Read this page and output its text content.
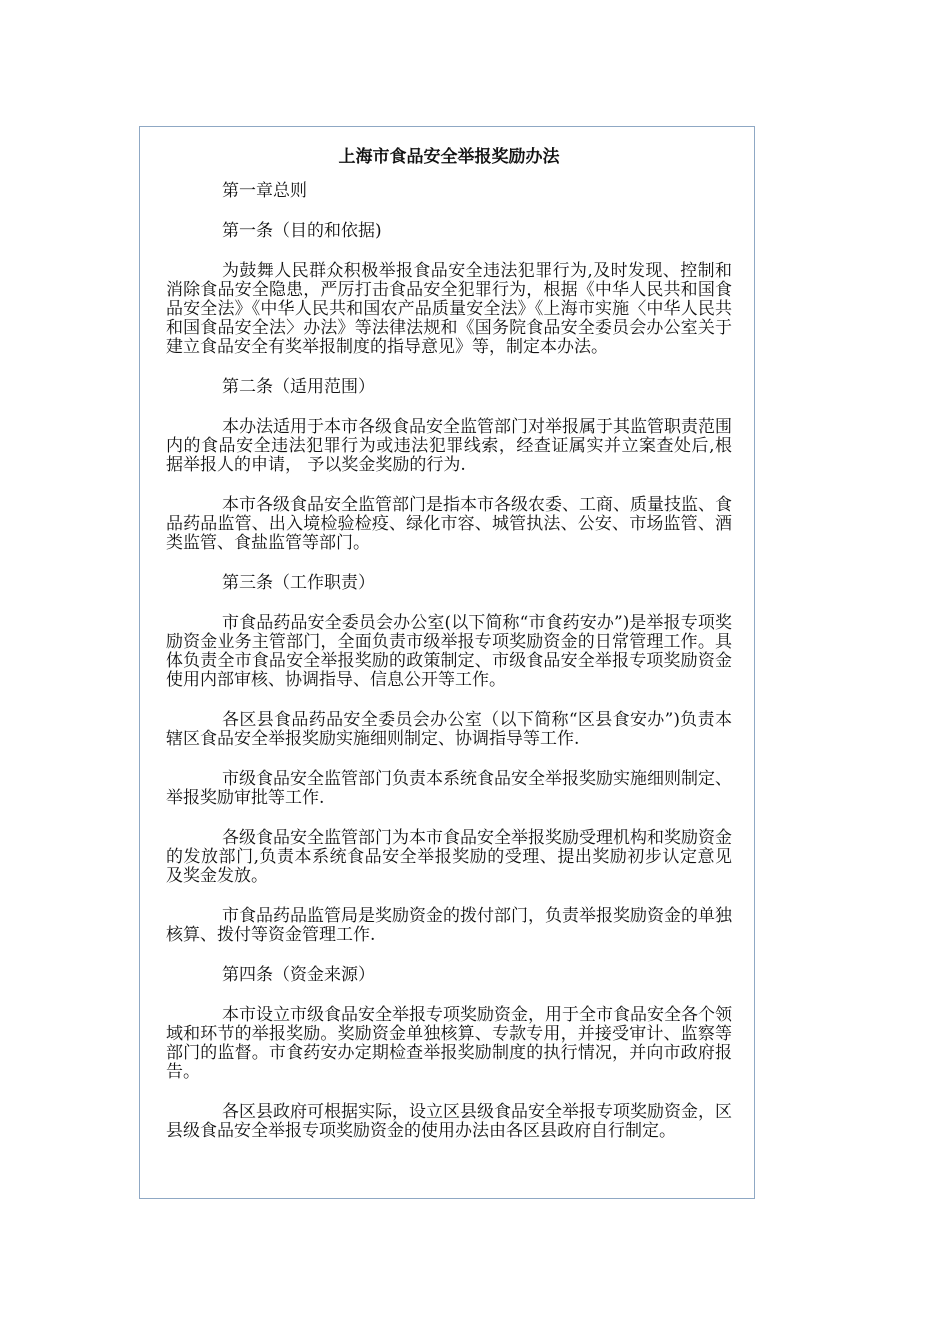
上海市食品安全举报奖励办法
第一章总则
第一条（目的和依据)
为鼓舞人民群众积极举报食品安全违法犯罪行为,及时发现、控制和消除食品安全隐患，严厉打击食品安全犯罪行为，根据《中华人民共和国食品安全法》《中华人民共和国农产品质量安全法》《上海市实施〈中华人民共和国食品安全法〉办法》等法律法规和《国务院食品安全委员会办公室关于建立食品安全有奖举报制度的指导意见》等，制定本办法。
第二条（适用范围）
本办法适用于本市各级食品安全监管部门对举报属于其监管职责范围内的食品安全违法犯罪行为或违法犯罪线索，经查证属实并立案查处后,根据举报人的申请， 予以奖金奖励的行为.
本市各级食品安全监管部门是指本市各级农委、工商、质量技监、食品药品监管、出入境检验检疫、绿化市容、城管执法、公安、市场监管、酒类监管、食盐监管等部门。
第三条（工作职责）
市食品药品安全委员会办公室(以下简称“市食药安办”)是举报专项奖励资金业务主管部门，全面负责市级举报专项奖励资金的日常管理工作。具体负责全市食品安全举报奖励的政策制定、市级食品安全举报专项奖励资金使用内部审核、协调指导、信息公开等工作。
各区县食品药品安全委员会办公室（以下简称“区县食安办”)负责本辖区食品安全举报奖励实施细则制定、协调指导等工作.
市级食品安全监管部门负责本系统食品安全举报奖励实施细则制定、举报奖励审批等工作.
各级食品安全监管部门为本市食品安全举报奖励受理机构和奖励资金的发放部门,负责本系统食品安全举报奖励的受理、提出奖励初步认定意见及奖金发放。
市食品药品监管局是奖励资金的拨付部门，负责举报奖励资金的单独核算、拨付等资金管理工作.
第四条（资金来源）
本市设立市级食品安全举报专项奖励资金，用于全市食品安全各个领域和环节的举报奖励。奖励资金单独核算、专款专用，并接受审计、监察等部门的监督。市食药安办定期检查举报奖励制度的执行情况，并向市政府报告。
各区县政府可根据实际，设立区县级食品安全举报专项奖励资金，区县级食品安全举报专项奖励资金的使用办法由各区县政府自行制定。
